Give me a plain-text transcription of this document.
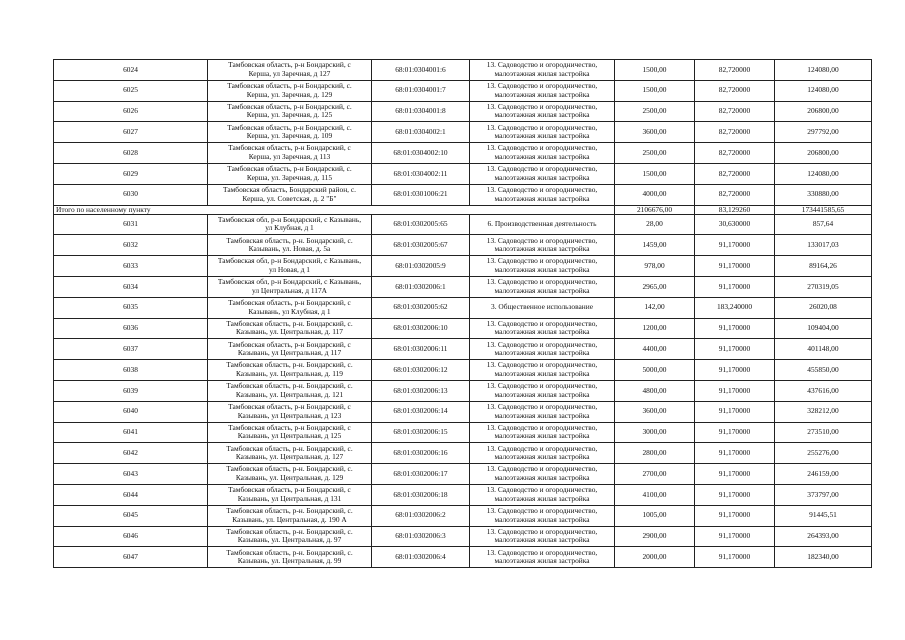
6024	Тамбовская область, р-н Бондарский, с
Керша, ул Заречная, д 127	68:01:0304001:6	13. Садоводство и огородничество,
малоэтажная жилая застройка	1500,00	82,720000	124080,00
6025	Тамбовская область, р-н Бондарский, с.
Керша, ул. Заречная, д. 129	68:01:0304001:7	13. Садоводство и огородничество,
малоэтажная жилая застройка	1500,00	82,720000	124080,00
6026	Тамбовская область, р-н Бондарский, с.
Керша, ул. Заречная, д. 125	68:01:0304001:8	13. Садоводство и огородничество,
малоэтажная жилая застройка	2500,00	82,720000	206800,00
6027	Тамбовская область, р-н Бондарский, с.
Керша, ул. Заречная, д. 109	68:01:0304002:1	13. Садоводство и огородничество,
малоэтажная жилая застройка	3600,00	82,720000	297792,00
6028	Тамбовская область, р-н Бондарский, с
Керша, ул Заречная, д 113	68:01:0304002:10	13. Садоводство и огородничество,
малоэтажная жилая застройка	2500,00	82,720000	206800,00
6029	Тамбовская область, р-н Бондарский, с.
Керша, ул. Заречная, д. 115	68:01:0304002:11	13. Садоводство и огородничество,
малоэтажная жилая застройка	1500,00	82,720000	124080,00
6030	Тамбовская область, Бондарский район, с.
Керша, ул. Советская, д. 2 "Б"	68:01:0301006:21	13. Садоводство и огородничество,
малоэтажная жилая застройка	4000,00	82,720000	330880,00
Итого по населенному пункту				2106676,00	83,129260	173441585,65
6031	Тамбовская обл, р-н Бондарский, с Казывань,
ул Клубная, д 1	68:01:0302005:65	6. Производственная деятельность	28,00	30,630000	857,64
6032	Тамбовская область, р-н. Бондарский, с.
Казывань, ул. Новая, д. 5а	68:01:0302005:67	13. Садоводство и огородничество,
малоэтажная жилая застройка	1459,00	91,170000	133017,03
6033	Тамбовская обл, р-н Бондарский, с Казывань,
ул Новая, д 1	68:01:0302005:9	13. Садоводство и огородничество,
малоэтажная жилая застройка	978,00	91,170000	89164,26
6034	Тамбовская обл, р-н Бондарский, с Казывань,
ул Центральная, д 117А	68:01:0302006:1	13. Садоводство и огородничество,
малоэтажная жилая застройка	2965,00	91,170000	270319,05
6035	Тамбовская область, р-н Бондарский, с
Казывань, ул Клубная, д 1	68:01:0302005:62	3. Общественное использование	142,00	183,240000	26020,08
6036	Тамбовская область, р-н. Бондарский, с.
Казывань, ул. Центральная, д. 117	68:01:0302006:10	13. Садоводство и огородничество,
малоэтажная жилая застройка	1200,00	91,170000	109404,00
6037	Тамбовская область, р-н Бондарский, с
Казывань, ул Центральная, д 117	68:01:0302006:11	13. Садоводство и огородничество,
малоэтажная жилая застройка	4400,00	91,170000	401148,00
6038	Тамбовская область, р-н. Бондарский, с.
Казывань, ул. Центральная, д. 119	68:01:0302006:12	13. Садоводство и огородничество,
малоэтажная жилая застройка	5000,00	91,170000	455850,00
6039	Тамбовская область, р-н. Бондарский, с.
Казывань, ул. Центральная, д. 121	68:01:0302006:13	13. Садоводство и огородничество,
малоэтажная жилая застройка	4800,00	91,170000	437616,00
6040	Тамбовская область, р-н Бондарский, с
Казывань, ул Центральная, д 123	68:01:0302006:14	13. Садоводство и огородничество,
малоэтажная жилая застройка	3600,00	91,170000	328212,00
6041	Тамбовская область, р-н Бондарский, с
Казывань, ул Центральная, д 125	68:01:0302006:15	13. Садоводство и огородничество,
малоэтажная жилая застройка	3000,00	91,170000	273510,00
6042	Тамбовская область, р-н. Бондарский, с.
Казывань, ул. Центральная, д. 127	68:01:0302006:16	13. Садоводство и огородничество,
малоэтажная жилая застройка	2800,00	91,170000	255276,00
6043	Тамбовская область, р-н. Бондарский, с.
Казывань, ул. Центральная, д. 129	68:01:0302006:17	13. Садоводство и огородничество,
малоэтажная жилая застройка	2700,00	91,170000	246159,00
6044	Тамбовская область, р-н Бондарский, с
Казывань, ул Центральная, д 131	68:01:0302006:18	13. Садоводство и огородничество,
малоэтажная жилая застройка	4100,00	91,170000	373797,00
6045	Тамбовская область, р-н. Бондарский, с.
Казывань, ул. Центральная, д. 190 А	68:01:0302006:2	13. Садоводство и огородничество,
малоэтажная жилая застройка	1005,00	91,170000	91445,51
6046	Тамбовская область, р-н. Бондарский, с.
Казывань, ул. Центральная, д. 97	68:01:0302006:3	13. Садоводство и огородничество,
малоэтажная жилая застройка	2900,00	91,170000	264393,00
6047	Тамбовская область, р-н. Бондарский, с.
Казывань, ул. Центральная, д. 99	68:01:0302006:4	13. Садоводство и огородничество,
малоэтажная жилая застройка	2000,00	91,170000	182340,00
